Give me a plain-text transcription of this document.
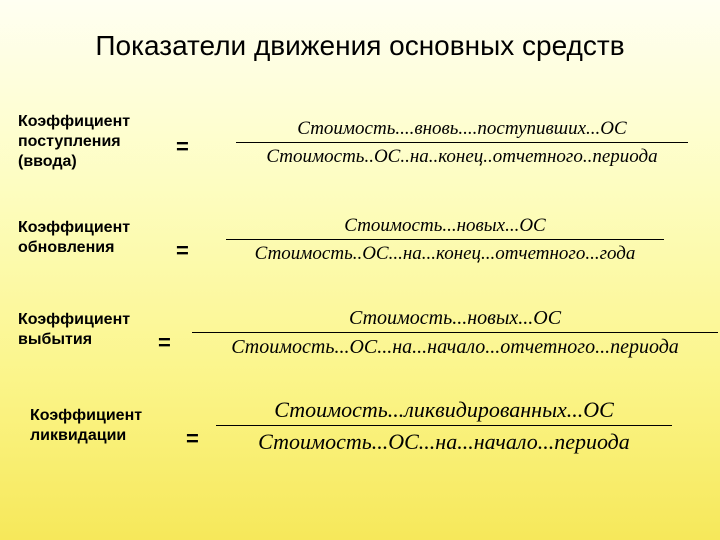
Показатели движения основных средств
Коэффициент
поступления
(ввода)
=
Стоимость....вновь....поступивших...ОС
Стоимость..ОС..на..конец..отчетного..периода
Коэффициент
обновления	=
Стоимость...новых...ОС
Стоимость..ОС...на...конец...отчетного...года
Коэффициент
выбытия	=
Стоимость...новых...ОС
Стоимость...ОС...на...начало...отчетного...периода
Коэффициент
ликвидации	=
Стоимость...ликвидированных...ОС
Стоимость...ОС...на...начало...периода
